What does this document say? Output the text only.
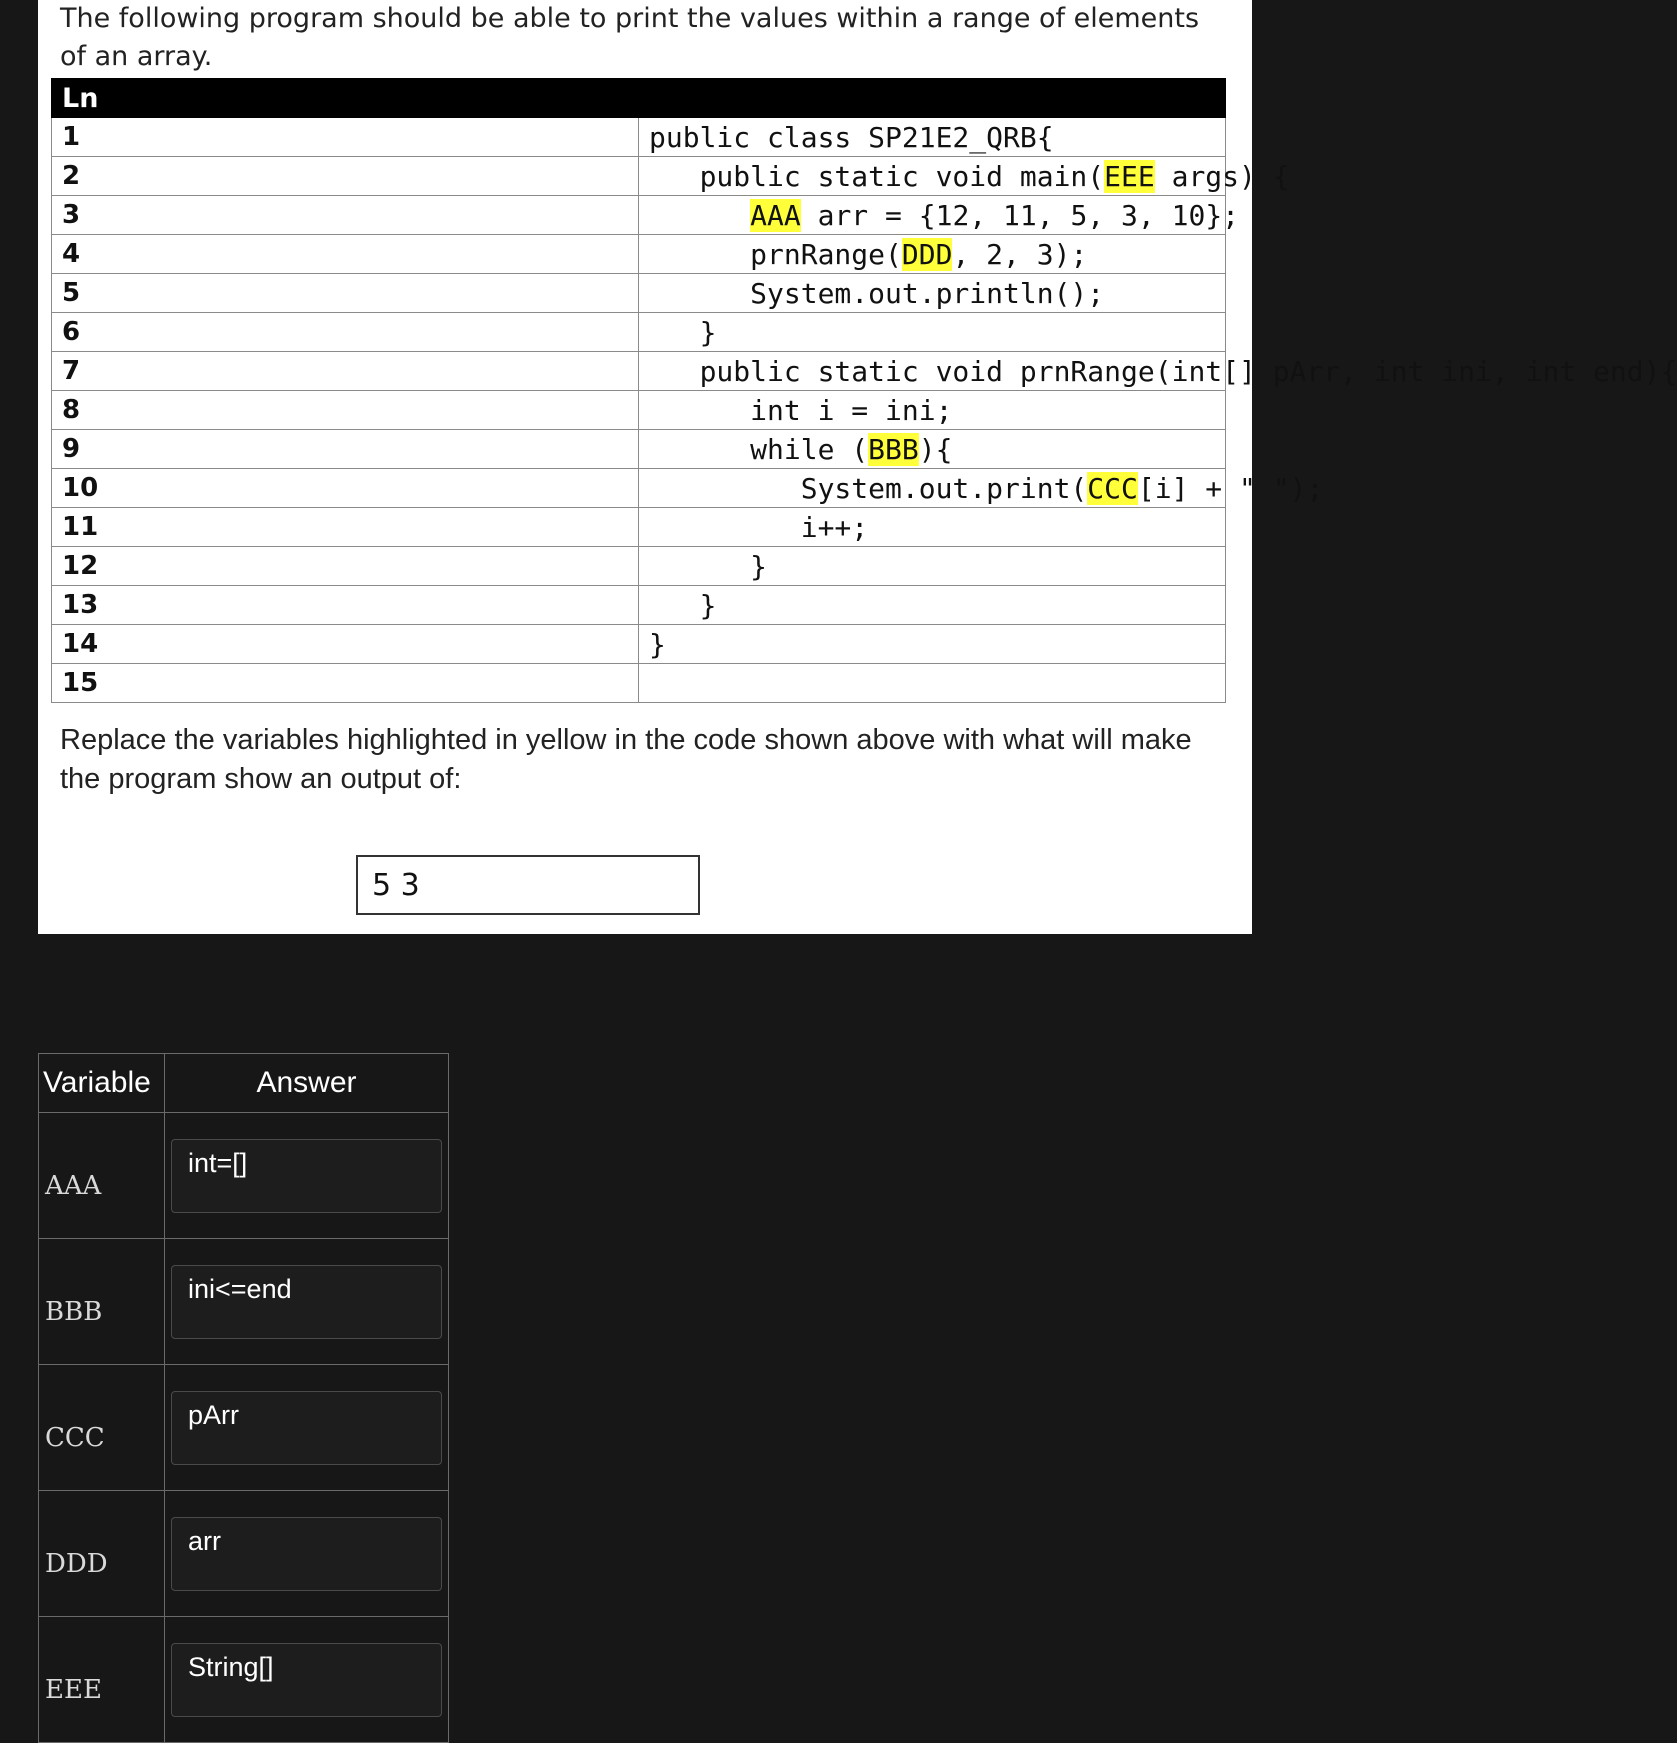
The following program should be able to print the values within a range of elements of an array.
Ln	
1	public class SP21E2_QRB{
2	public static void main(EEE args) {
3	AAA arr = {12, 11, 5, 3, 10};
4	prnRange(DDD, 2, 3);
5	System.out.println();
6	}
7	public static void prnRange(int[] pArr, int ini, int end){
8	int i = ini;
9	while (BBB){
10	System.out.print(CCC[i] + " ");
11	i++;
12	}
13	}
14	}
15	
Replace the variables highlighted in yellow in the code shown above with what will make the program show an output of:
5 3
Variable	Answer
AAA	int=[]
BBB	ini<=end
CCC	pArr
DDD	arr
EEE	String[]
